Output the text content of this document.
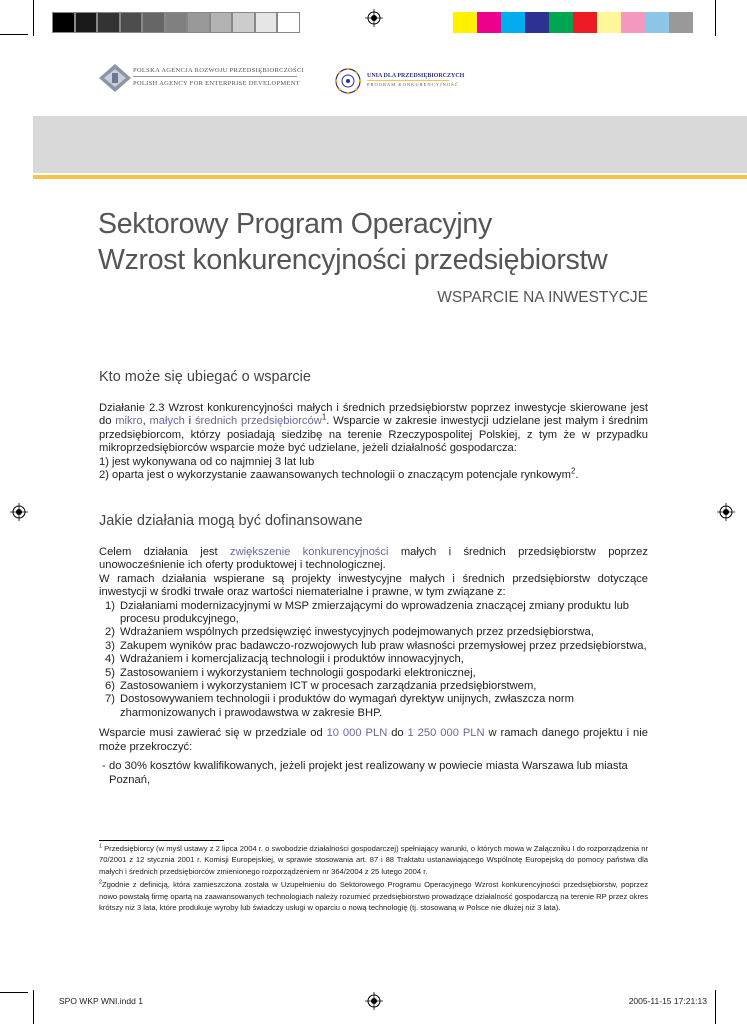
POLSKA AGENCJA ROZWOJU PRZEDSIĘBIORCZOŚCI
POLISH AGENCY FOR ENTERPRISE DEVELOPMENT
UNIA DLA PRZEDSIĘBIORCZYCH
PROGRAM KONKURENCYJNOŚĆ
Sektorowy Program Operacyjny
Wzrost konkurencyjności przedsiębiorstw
WSPARCIE NA INWESTYCJE
Kto może się ubiegać o wsparcie

Działanie 2.3 Wzrost konkurencyjności małych i średnich przedsiębiorstw poprzez inwestycje skierowane jest do mikro, małych i średnich przedsiębiorców$^1$. Wsparcie w zakresie inwestycji udzielane jest małym i średnim przedsiębiorcom, którzy posiadają siedzibę na terenie Rzeczypospolitej Polskiej, z tym że w przypadku mikroprzedsiębiorców wsparcie może być udzielane, jeżeli działalność gospodarcza:

1) jest wykonywana od co najmniej 3 lat lub

2) oparta jest o wykorzystanie zaawansowanych technologii o znaczącym potencjale rynkowym$^2$.

Jakie działania mogą być dofinansowane

Celem działania jest zwiększenie konkurencyjności małych i średnich przedsiębiorstw poprzez unowocześnienie ich oferty produktowej i technologicznej.

W ramach działania wspierane są projekty inwestycyjne małych i średnich przedsiębiorstw dotyczące inwestycji w środki trwałe oraz wartości niematerialne i prawne, w tym związane z:

1) Działaniami modernizacyjnymi w MSP zmierzającymi do wprowadzenia znaczącej zmiany produktu lub procesu produkcyjnego,
2) Wdrażaniem wspólnych przedsięwzięć inwestycyjnych podejmowanych przez przedsiębiorstwa,
3) Zakupem wyników prac badawczo-rozwojowych lub praw własności przemysłowej przez przedsiębiorstwa,
4) Wdrażaniem i komercjalizacją technologii i produktów innowacyjnych,
5) Zastosowaniem i wykorzystaniem technologii gospodarki elektronicznej,
6) Zastosowaniem i wykorzystaniem ICT w procesach zarządzania przedsiębiorstwem,
7) Dostosowywaniem technologii i produktów do wymagań dyrektyw unijnych, zwłaszcza norm zharmonizowanych i prawodawstwa w zakresie BHP.

Wsparcie musi zawierać się w przedziale od 10 000 PLN do 1 250 000 PLN w ramach danego projektu i nie może przekroczyć:

- do 30% kosztów kwalifikowanych, jeżeli projekt jest realizowany w powiecie miasta Warszawa lub miasta Poznań,

$^1$ Przedsiębiorcy (w myśl ustawy z 2 lipca 2004 r. o swobodzie działalności gospodarczej) spełniający warunki, o których mowa w Załączniku I do rozporządzenia nr 70/2001 z 12 stycznia 2001 r. Komisji Europejskiej, w sprawie stosowania art. 87 i 88 Traktatu ustanawiającego Wspólnotę Europejską do pomocy państwa dla małych i średnich przedsiębiorców zmienionego rozporządzeniem nr 364/2004 z 25 lutego 2004 r.

$^2$Zgodnie z definicją, która zamieszczona została w Uzupełnieniu do Sektorowego Programu Operacyjnego Wzrost konkurencyjności przedsiębiorstw, poprzez nowo powstałą firmę opartą na zaawansowanych technologiach należy rozumieć przedsiębiorstwo prowadzące działalność gospodarczą na terenie RP przez okres krótszy niż 3 lata, które produkuje wyroby lub świadczy usługi w oparciu o nową technologię (tj. stosowaną w Polsce nie dłużej niż 3 lata).

SPO WKP WNI.indd 1	2005-11-15 17:21:13
